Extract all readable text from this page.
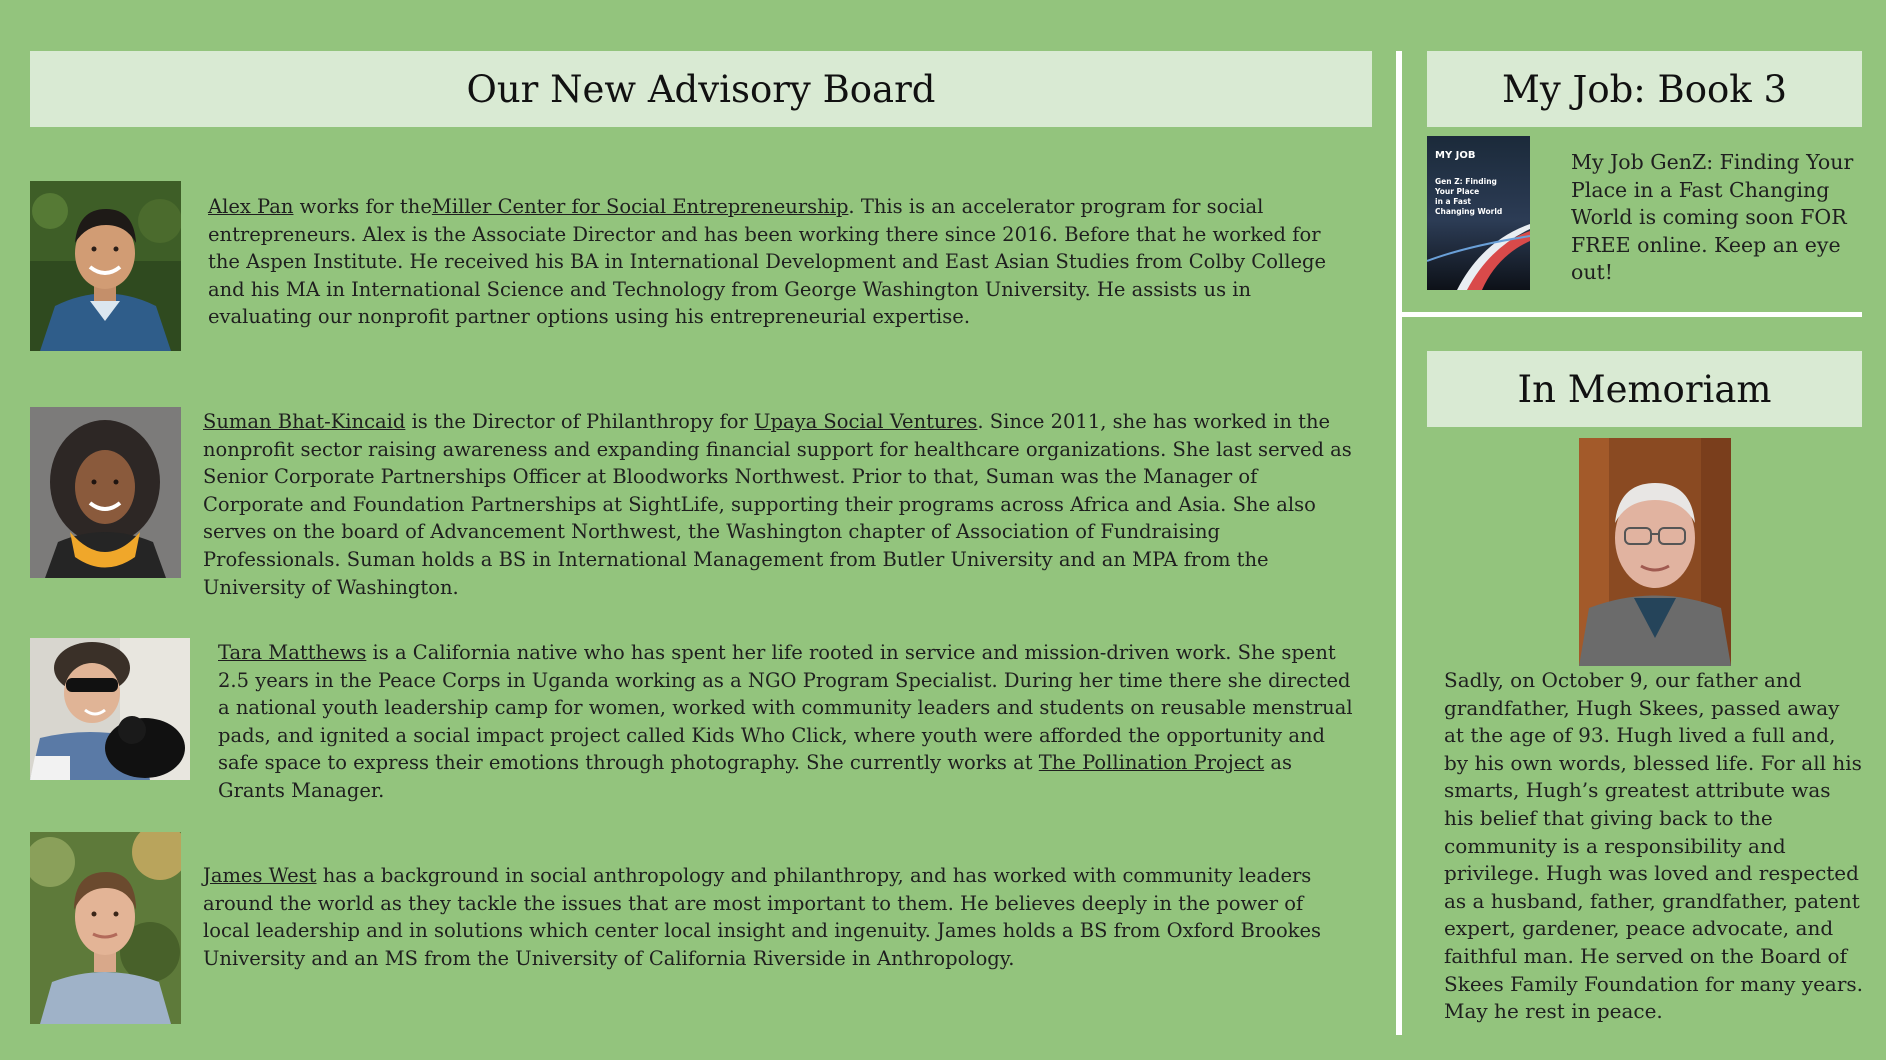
Our New Advisory Board
Alex Pan works for theMiller Center for Social Entrepreneurship. This is an accelerator program for social entrepreneurs. Alex is the Associate Director and has been working there since 2016. Before that he worked for the Aspen Institute. He received his BA in International Development and East Asian Studies from Colby College and his MA in International Science and Technology from George Washington University. He assists us in evaluating our nonprofit partner options using his entrepreneurial expertise.
Suman Bhat-Kincaid is the Director of Philanthropy for Upaya Social Ventures. Since 2011, she has worked in the nonprofit sector raising awareness and expanding financial support for healthcare organizations. She last served as Senior Corporate Partnerships Officer at Bloodworks Northwest. Prior to that, Suman was the Manager of Corporate and Foundation Partnerships at SightLife, supporting their programs across Africa and Asia. She also serves on the board of Advancement Northwest, the Washington chapter of Association of Fundraising Professionals. Suman holds a BS in International Management from Butler University and an MPA from the University of Washington.
Tara Matthews is a California native who has spent her life rooted in service and mission-driven work. She spent 2.5 years in the Peace Corps in Uganda working as a NGO Program Specialist. During her time there she directed a national youth leadership camp for women, worked with community leaders and students on reusable menstrual pads, and ignited a social impact project called Kids Who Click, where youth were afforded the opportunity and safe space to express their emotions through photography. She currently works at The Pollination Project as Grants Manager.
James West has a background in social anthropology and philanthropy, and has worked with community leaders around the world as they tackle the issues that are most important to them. He believes deeply in the power of local leadership and in solutions which center local insight and ingenuity. James holds a BS from Oxford Brookes University and an MS from the University of California Riverside in Anthropology.
My Job: Book 3
MY JOB
Gen Z: Finding Your Place in a Fast Changing World
My Job GenZ: Finding Your Place in a Fast Changing World is coming soon FOR FREE online. Keep an eye out!
In Memoriam
Sadly, on October 9, our father and grandfather, Hugh Skees, passed away at the age of 93. Hugh lived a full and, by his own words, blessed life. For all his smarts, Hugh’s greatest attribute was his belief that giving back to the community is a responsibility and privilege. Hugh was loved and respected as a husband, father, grandfather, patent expert, gardener, peace advocate, and faithful man. He served on the Board of Skees Family Foundation for many years. May he rest in peace.
